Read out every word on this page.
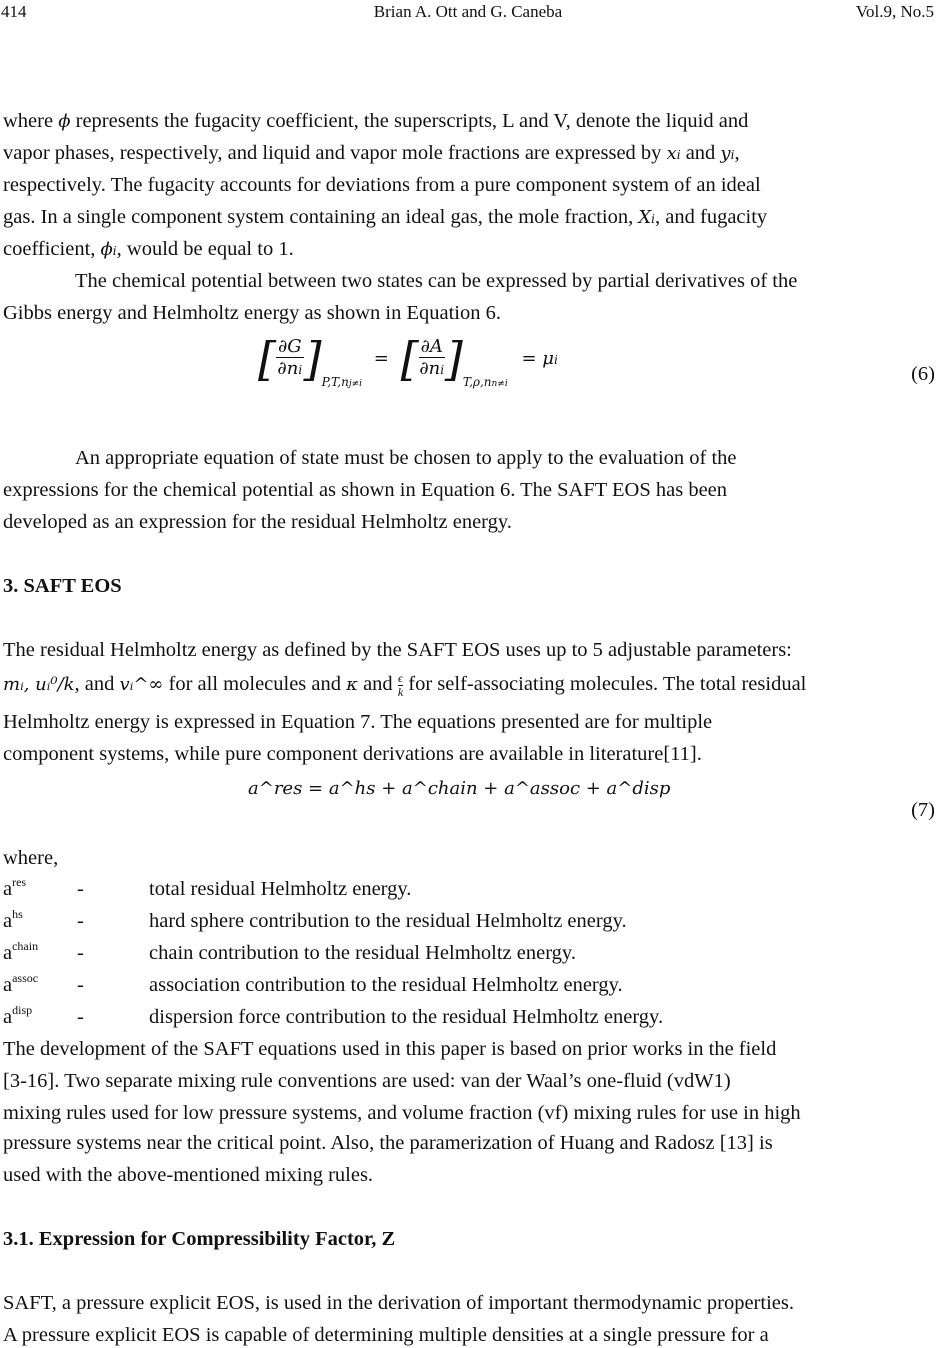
414	Brian A. Ott and G. Caneba	Vol.9, No.5
where ϕ represents the fugacity coefficient, the superscripts, L and V, denote the liquid and
vapor phases, respectively, and liquid and vapor mole fractions are expressed by xi and yi,
respectively. The fugacity accounts for deviations from a pure component system of an ideal
gas. In a single component system containing an ideal gas, the mole fraction, Xi, and fugacity
coefficient, ϕi, would be equal to 1.
The chemical potential between two states can be expressed by partial derivatives of the
Gibbs energy and Helmholtz energy as shown in Equation 6.
[ $\frac{\partial G}{\partial ni} ]_{P,T,nj\ne i}$ = [ $\frac{\partial A}{\partial ni} ]_{T,\rho,nn\ne i} = \mu i$
(6)
An appropriate equation of state must be chosen to apply to the evaluation of the
expressions for the chemical potential as shown in Equation 6. The SAFT EOS has been
developed as an expression for the residual Helmholtz energy.
3. SAFT EOS
The residual Helmholtz energy as defined by the SAFT EOS uses up to 5 adjustable parameters:
mᵢ, uᵢ⁰/k, and vᵢ^∞ for all molecules and κ and $\frac{\epsilon}{k}$ for self-associating molecules. The total residual
Helmholtz energy is expressed in Equation 7. The equations presented are for multiple
component systems, while pure component derivations are available in literature[11].
a^res = a^hs + a^chain + a^assoc + a^disp
(7)
where,
$a^{res}$	-	total residual Helmholtz energy.
$a^{hs}$	-	hard sphere contribution to the residual Helmholtz energy.
$a^{chain}$	-	chain contribution to the residual Helmholtz energy.
$a^{assoc}$	-	association contribution to the residual Helmholtz energy.
$a^{disp}$	-	dispersion force contribution to the residual Helmholtz energy.
The development of the SAFT equations used in this paper is based on prior works in the field
[3-16]. Two separate mixing rule conventions are used: van der Waal’s one-fluid (vdW1)
mixing rules used for low pressure systems, and volume fraction (vf) mixing rules for use in high
pressure systems near the critical point. Also, the paramerization of Huang and Radosz [13] is
used with the above-mentioned mixing rules.
3.1. Expression for Compressibility Factor, Z
SAFT, a pressure explicit EOS, is used in the derivation of important thermodynamic properties.
A pressure explicit EOS is capable of determining multiple densities at a single pressure for a
